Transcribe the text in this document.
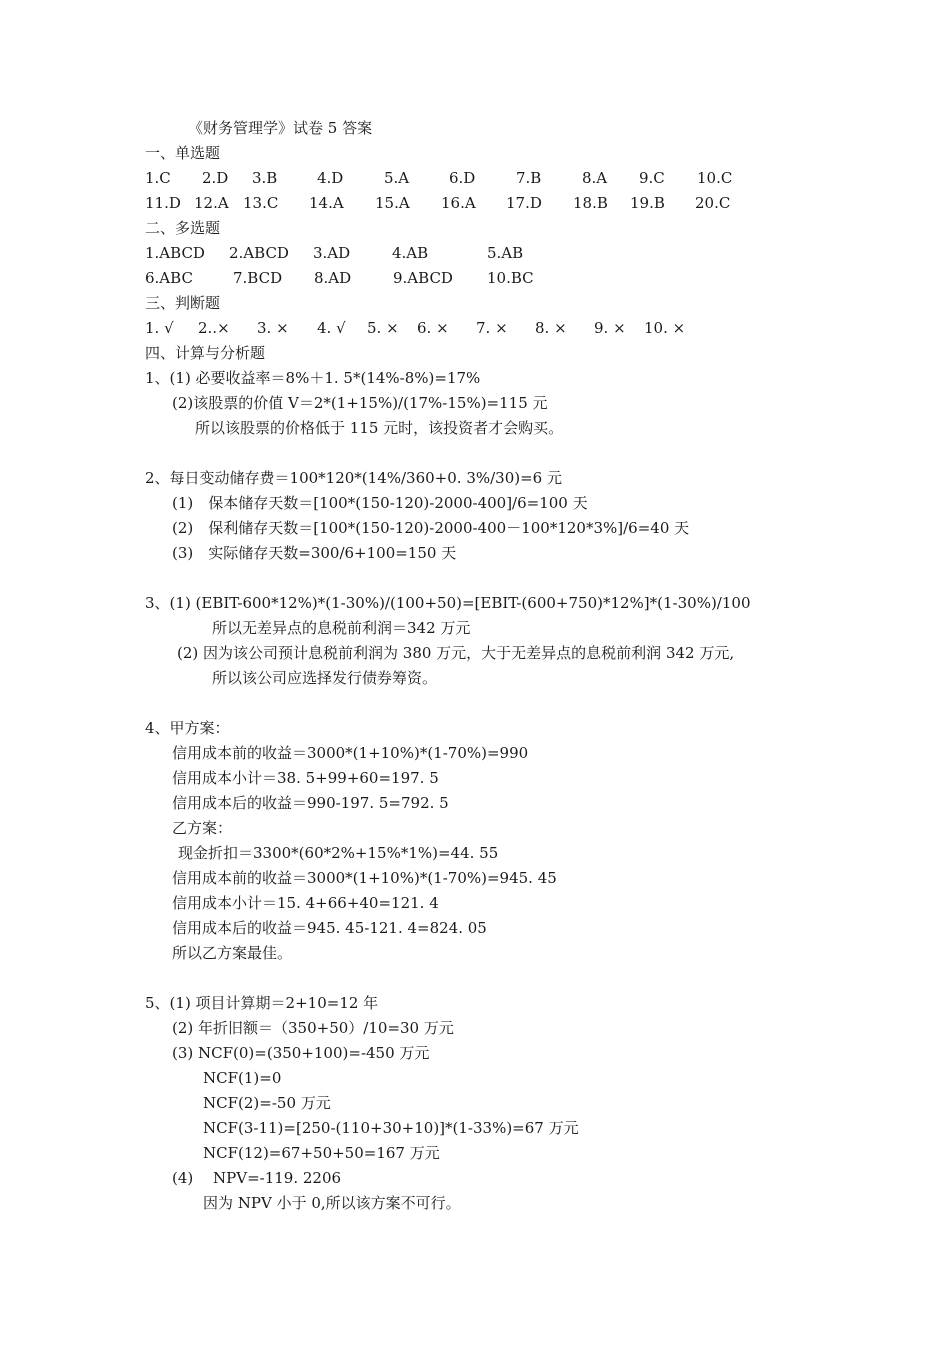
《财务管理学》试卷 5 答案
一、单选题
1.C 2.D 3.B	4.D	5.A	6.D	7.B	8.A 9.C 10.C
11.D 12.A 13.C 14.A 15.A 16.A 17.D 18.B 19.B 20.C
二、多选题
1.ABCD 2.ABCD 3.AD	4.AB	5.AB
6.ABC	7.BCD 8.AD	9.ABCD 10.BC
三、判断题
1. √ 2..× 3. × 4. √ 5. × 6. × 7. × 8. × 9. × 10. ×
四、计算与分析题
1、(1) 必要收益率＝8%＋1. 5*(14%-8%)=17%
(2)该股票的价值 V＝2*(1+15%)/(17%-15%)=115 元
所以该股票的价格低于 115 元时，该投资者才会购买。
2、每日变动储存费＝100*120*(14%/360+0. 3%/30)=6 元
(1)　保本储存天数＝[100*(150-120)-2000-400]/6=100 天
(2)　保利储存天数＝[100*(150-120)-2000-400－100*120*3%]/6=40 天
(3)　实际储存天数=300/6+100=150 天
3、(1) (EBIT-600*12%)*(1-30%)/(100+50)=[EBIT-(600+750)*12%]*(1-30%)/100
所以无差异点的息税前利润＝342 万元
(2) 因为该公司预计息税前利润为 380 万元，大于无差异点的息税前利润 342 万元,
所以该公司应选择发行债券筹资。
4、甲方案：
信用成本前的收益＝3000*(1+10%)*(1-70%)=990
信用成本小计＝38. 5+99+60=197. 5
信用成本后的收益＝990-197. 5=792. 5
乙方案：
现金折扣＝3300*(60*2%+15%*1%)=44. 55
信用成本前的收益＝3000*(1+10%)*(1-70%)=945. 45
信用成本小计＝15. 4+66+40=121. 4
信用成本后的收益＝945. 45-121. 4=824. 05
所以乙方案最佳。
5、(1) 项目计算期＝2+10=12 年
(2) 年折旧额＝（350+50）/10=30 万元
(3) NCF(0)=(350+100)=-450 万元
NCF(1)=0
NCF(2)=-50 万元
NCF(3-11)=[250-(110+30+10)]*(1-33%)=67 万元
NCF(12)=67+50+50=167 万元
(4)　 NPV=-119. 2206
因为 NPV 小于 0,所以该方案不可行。
